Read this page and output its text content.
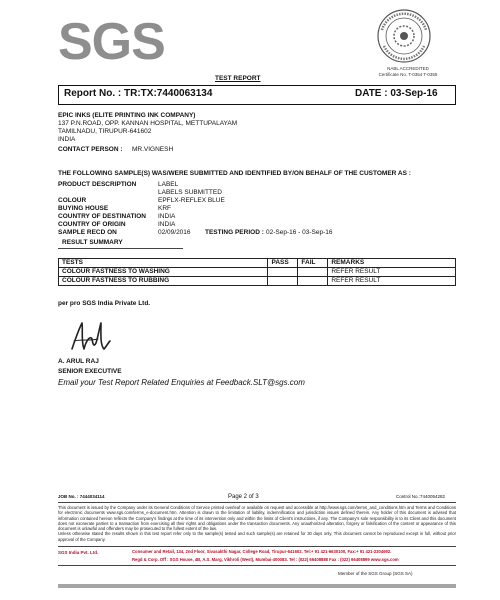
SGS	NABL ACCREDITED
Certificate No. T-0354 T-0355
TEST REPORT
Report No. : TR:TX:7440063134	DATE : 03-Sep-16
EPIC INKS (ELITE PRINTING INK COMPANY)
137 P.N.ROAD, OPP. KANNAN HOSPITAL, METTUPALAYAM
TAMILNADU, TIRUPUR-641602
INDIA
CONTACT PERSON : MR.VIGNESH
THE FOLLOWING SAMPLE(S) WAS/WERE SUBMITTED AND IDENTIFIED BY/ON BEHALF OF THE CUSTOMER AS :
PRODUCT DESCRIPTION	LABEL
LABELS SUBMITTED
COLOUR	EPFLX-REFLEX BLUE
BUYING HOUSE	KRF
COUNTRY OF DESTINATION INDIA
COUNTRY OF ORIGIN	INDIA
SAMPLE RECD ON	02/09/2016 TESTING PERIOD : 02-Sep-16 - 03-Sep-16
RESULT SUMMARY
TESTS	PASS	FAIL	REMARKS
COLOUR FASTNESS TO WASHING			REFER RESULT
COLOUR FASTNESS TO RUBBING			REFER RESULT
per pro SGS India Private Ltd.
A. ARUL RAJ
SENIOR EXECUTIVE
Email your Test Report Related Enquiries at Feedback.SLT@sgs.com
JOB No. : 7444034114	Page 2 of 3	Control No.:7440054282
This document is issued by the Company under its General Conditions of Service printed overleaf or available on request and accessible at http://www.sgs.com/terms_and_conditions.htm and Terms and Conditions for electronic documents www.sgs.com/terms_e-document.htm. Attention is drawn to the limitation of liability, indemnification and jurisdiction issues defined therein. Any holder of this document is advised that information contained hereon reflects the Company's findings at the time of its intervention only and within the limits of Client's instructions, if any. The Company's sole responsibility is to its Client and this document does not exonerate parties to a transaction from exercising all their rights and obligations under the transaction documents. Any unauthorized alteration, forgery or falsification of the content or appearance of this document is unlawful and offenders may be prosecuted to the fullest extent of the law.
Unless otherwise stated the results shown in this test report refer only to the sample(s) tested and such sample(s) are retained for 30 days only. This document cannot be reproduced except in full, without prior approval of the Company.
SGS India Pvt. Ltd.	Consumer and Retail, 134, 2nd Floor, Sivasakthi Nagar, College Road, Tirupur-641602. Tel:+ 91 421-6630100, Fax:+ 91 421-2204692.
Regd & Corp. Off : SGS House, 4B, A.S. Marg, Vikhroli (West), Mumbai-400083. Tel : (022) 66408888 Fax : (022) 66408899 www.sgs.com
Member of the SGS Group (SGS SA)
